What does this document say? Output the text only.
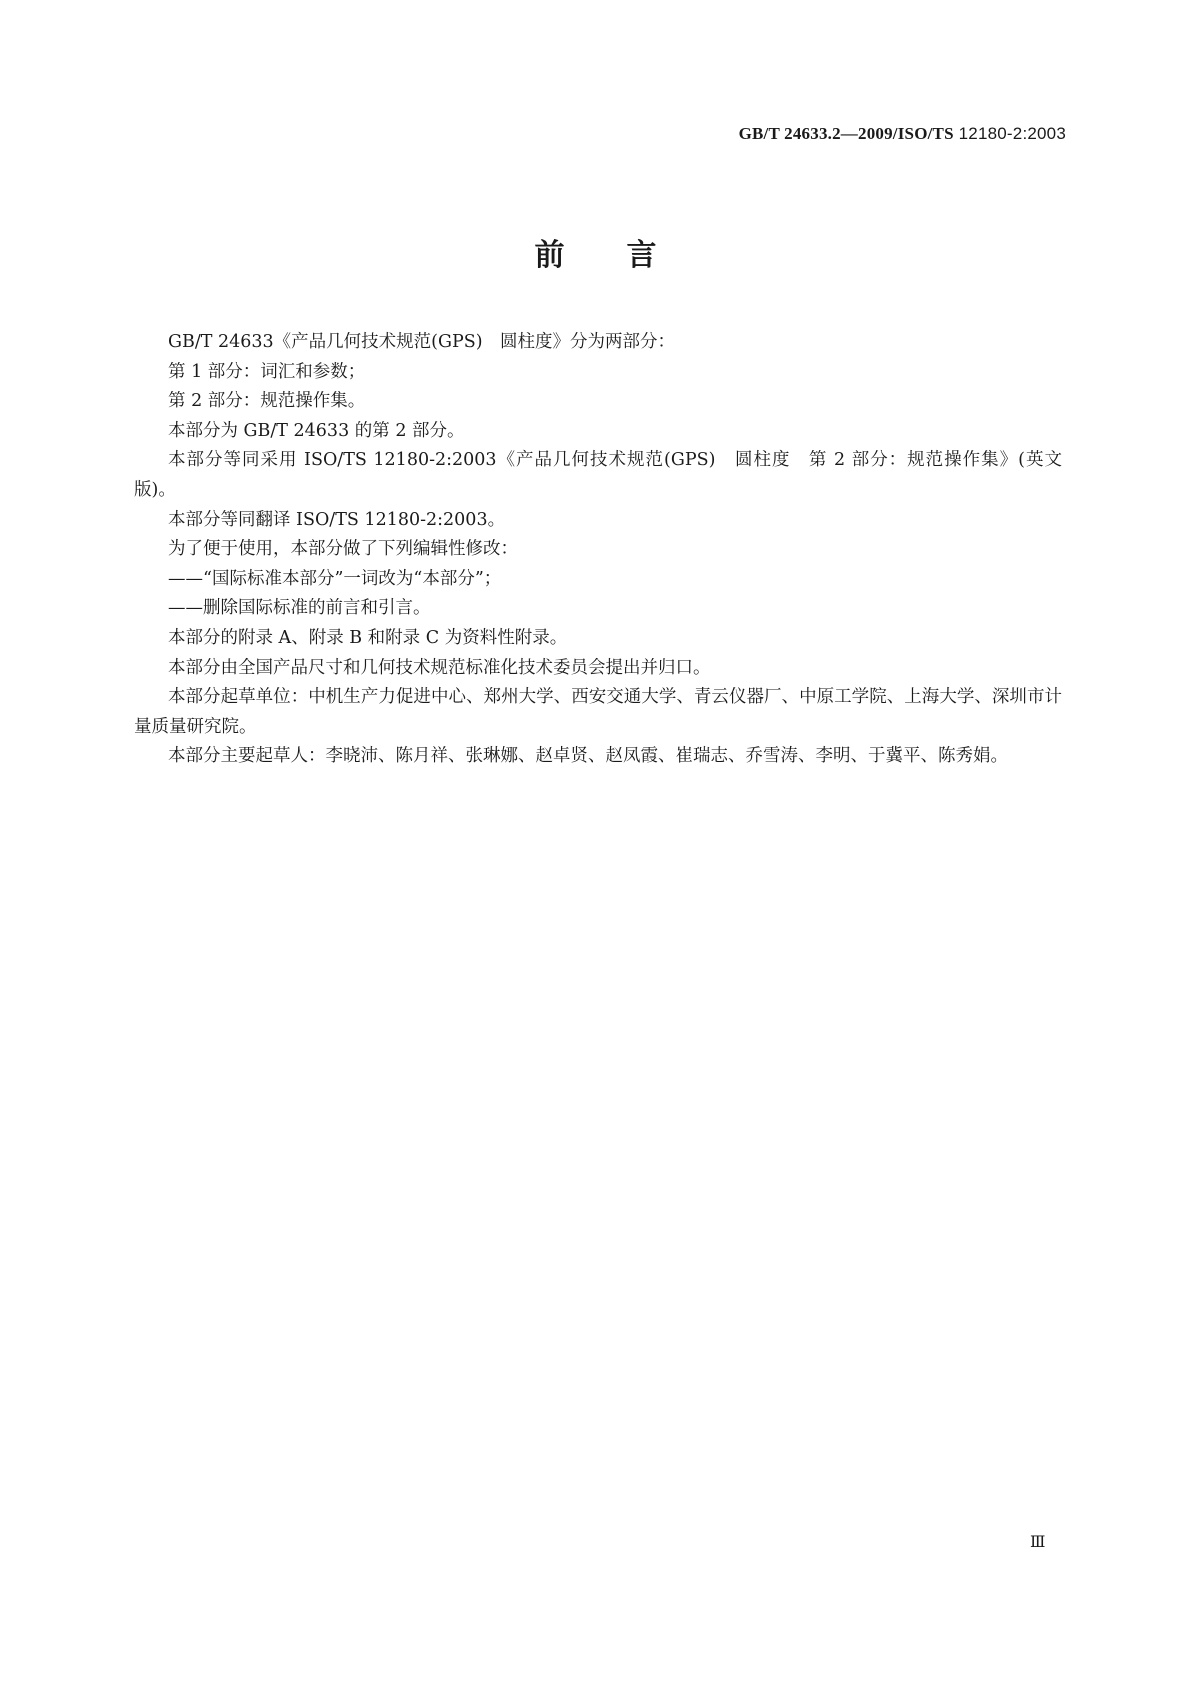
GB/T 24633.2—2009/ISO/TS 12180-2:2003
前言

GB/T 24633《产品几何技术规范(GPS)　圆柱度》分为两部分：

第 1 部分：词汇和参数；

第 2 部分：规范操作集。

本部分为 GB/T 24633 的第 2 部分。

本部分等同采用 ISO/TS 12180-2:2003《产品几何技术规范(GPS)　圆柱度　第 2 部分：规范操作集》(英文版)。

本部分等同翻译 ISO/TS 12180-2:2003。

为了便于使用，本部分做了下列编辑性修改：

——“国际标准本部分”一词改为“本部分”；

——删除国际标准的前言和引言。

本部分的附录 A、附录 B 和附录 C 为资料性附录。

本部分由全国产品尺寸和几何技术规范标准化技术委员会提出并归口。

本部分起草单位：中机生产力促进中心、郑州大学、西安交通大学、青云仪器厂、中原工学院、上海大学、深圳市计量质量研究院。

本部分主要起草人：李晓沛、陈月祥、张琳娜、赵卓贤、赵凤霞、崔瑞志、乔雪涛、李明、于冀平、陈秀娟。

Ⅲ
